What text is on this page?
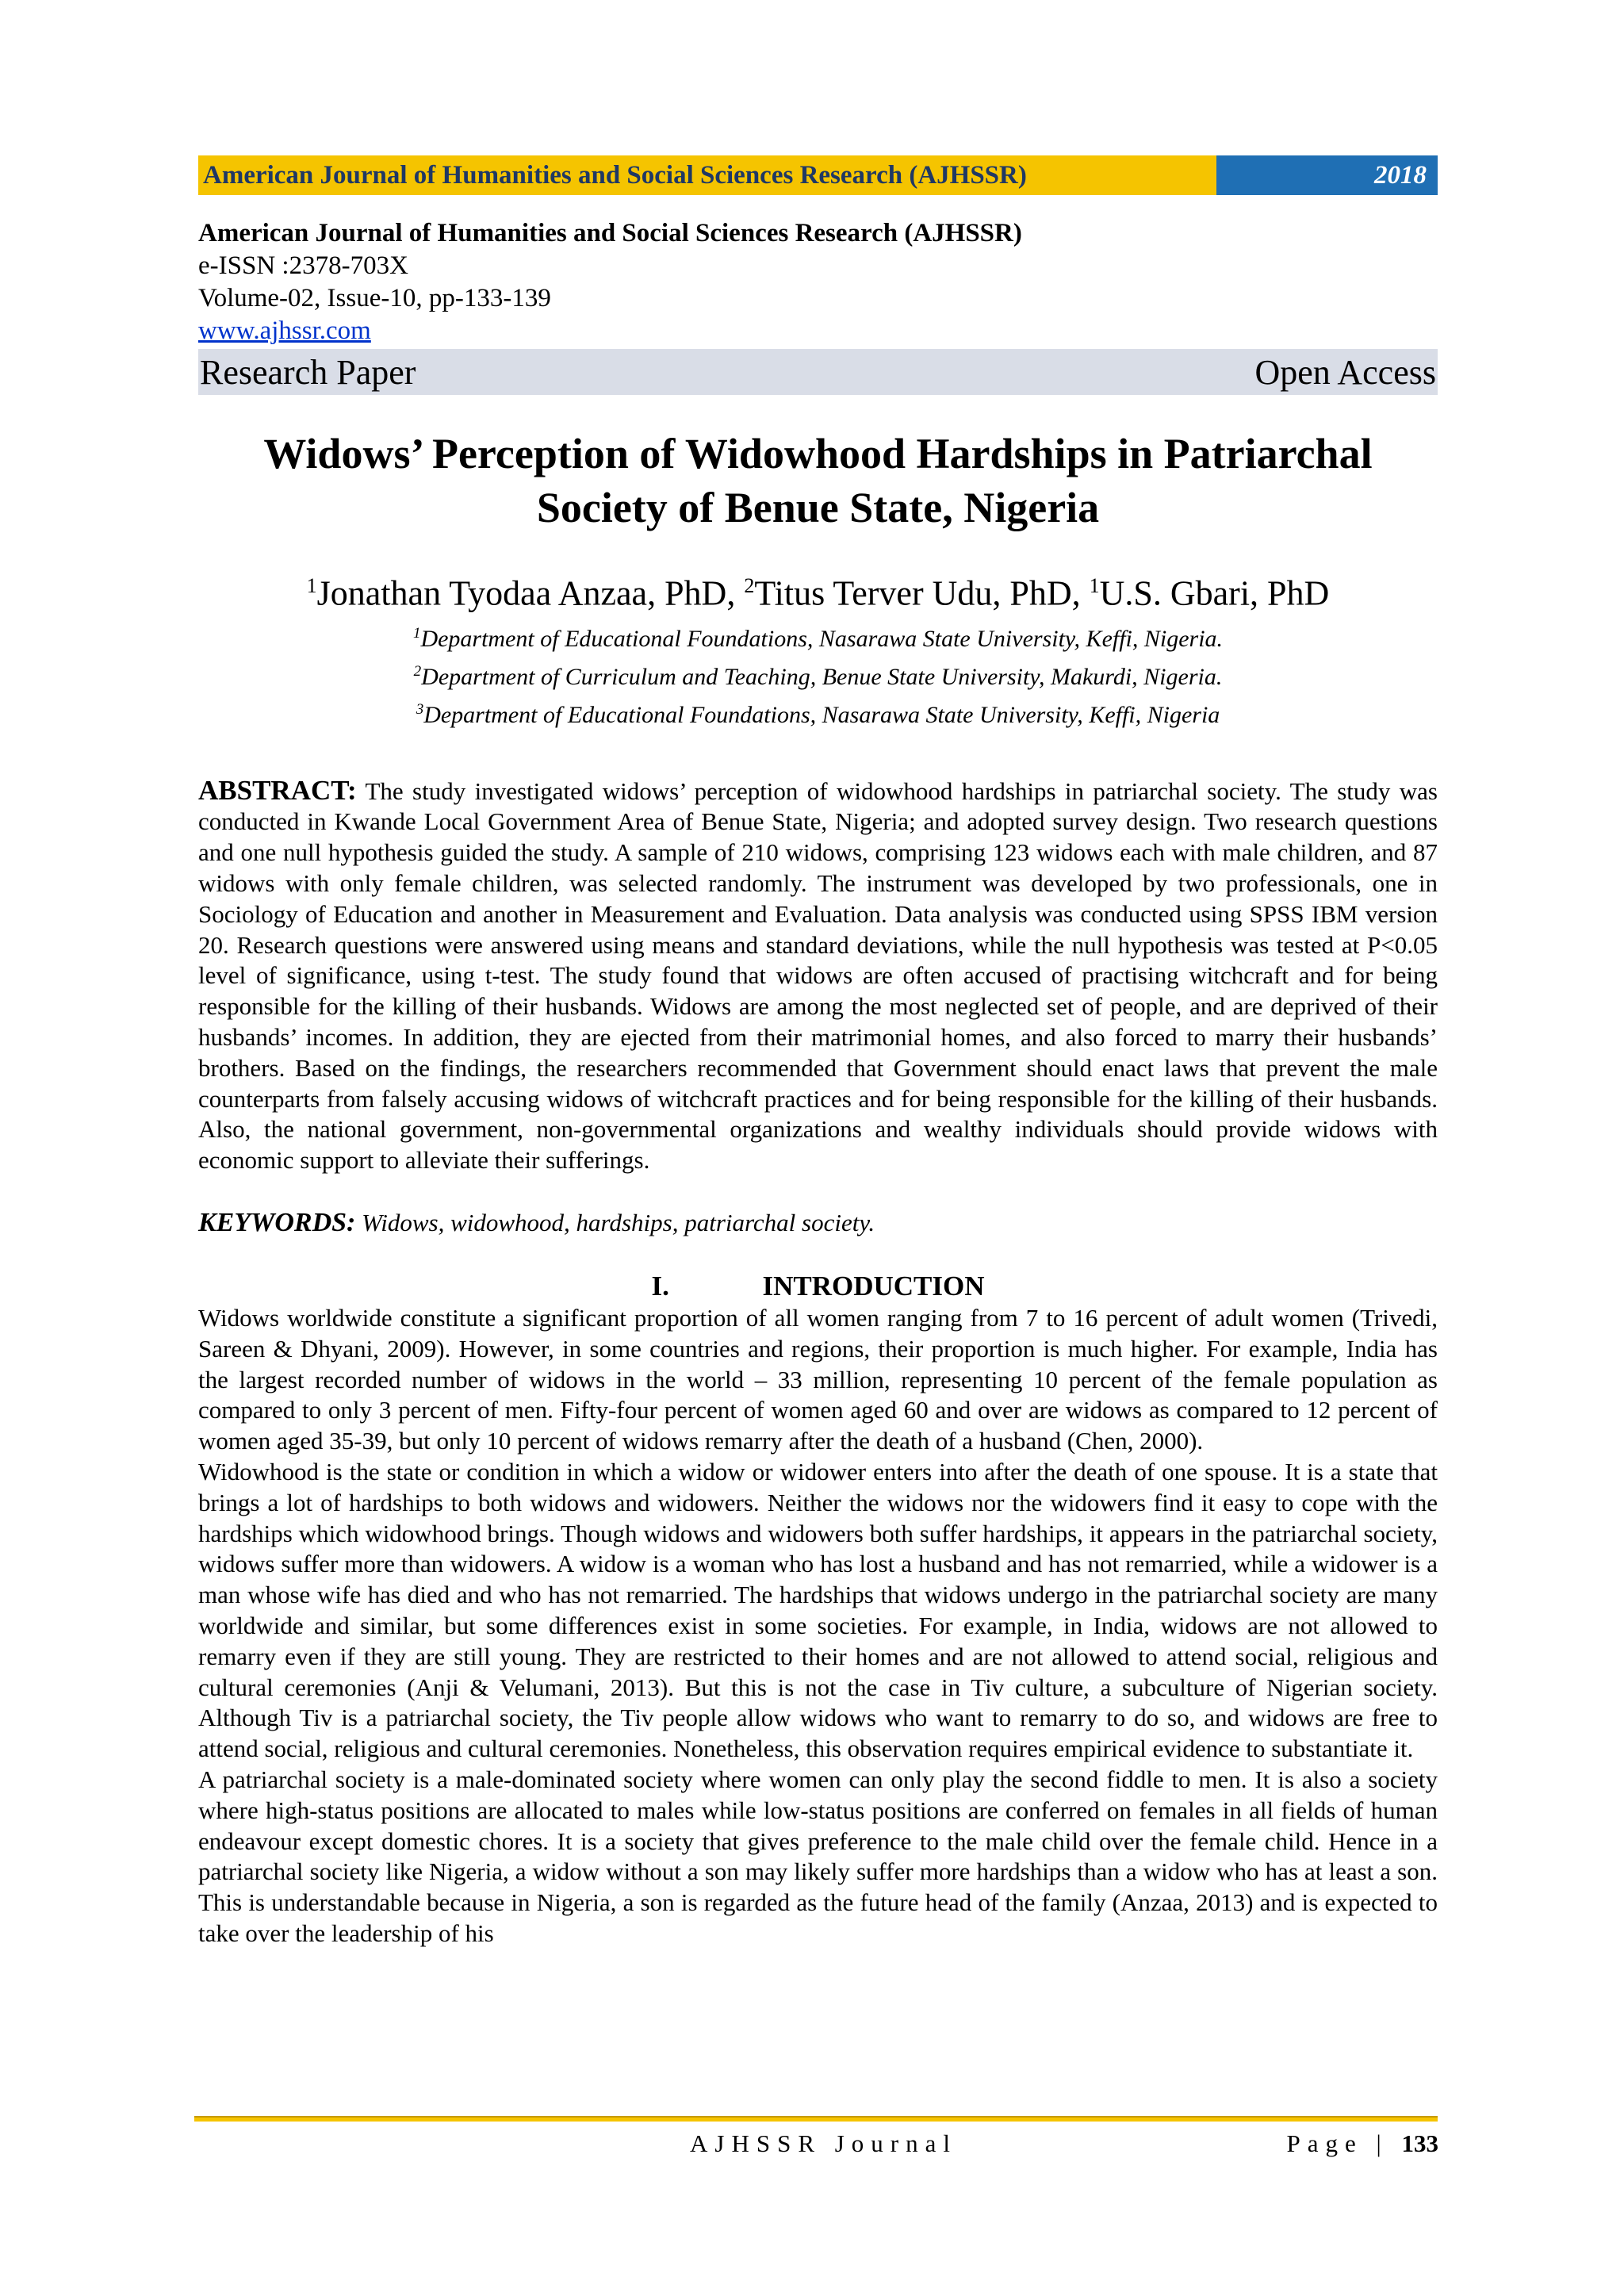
American Journal of Humanities and Social Sciences Research (AJHSSR)	2018
American Journal of Humanities and Social Sciences Research (AJHSSR)
e-ISSN :2378-703X
Volume-02, Issue-10, pp-133-139
www.ajhssr.com
Research Paper	Open Access
Widows’ Perception of Widowhood Hardships in Patriarchal
Society of Benue State, Nigeria
$^1$Jonathan Tyodaa Anzaa, PhD, $^2$Titus Terver Udu, PhD, $^1$U.S. Gbari, PhD
$^1$Department of Educational Foundations, Nasarawa State University, Keffi, Nigeria.
$^2$Department of Curriculum and Teaching, Benue State University, Makurdi, Nigeria.
$^3$Department of Educational Foundations, Nasarawa State University, Keffi, Nigeria
ABSTRACT: The study investigated widows’ perception of widowhood hardships in patriarchal society. The study was conducted in Kwande Local Government Area of Benue State, Nigeria; and adopted survey design. Two research questions and one null hypothesis guided the study. A sample of 210 widows, comprising 123 widows each with male children, and 87 widows with only female children, was selected randomly. The instrument was developed by two professionals, one in Sociology of Education and another in Measurement and Evaluation. Data analysis was conducted using SPSS IBM version 20. Research questions were answered using means and standard deviations, while the null hypothesis was tested at P<0.05 level of significance, using t-test. The study found that widows are often accused of practising witchcraft and for being responsible for the killing of their husbands. Widows are among the most neglected set of people, and are deprived of their husbands’ incomes. In addition, they are ejected from their matrimonial homes, and also forced to marry their husbands’ brothers. Based on the findings, the researchers recommended that Government should enact laws that prevent the male counterparts from falsely accusing widows of witchcraft practices and for being responsible for the killing of their husbands. Also, the national government, non-governmental organizations and wealthy individuals should provide widows with economic support to alleviate their sufferings.
KEYWORDS: Widows, widowhood, hardships, patriarchal society.
I.	INTRODUCTION

Widows worldwide constitute a significant proportion of all women ranging from 7 to 16 percent of adult women (Trivedi, Sareen & Dhyani, 2009). However, in some countries and regions, their proportion is much higher. For example, India has the largest recorded number of widows in the world – 33 million, representing 10 percent of the female population as compared to only 3 percent of men. Fifty-four percent of women aged 60 and over are widows as compared to 12 percent of women aged 35-39, but only 10 percent of widows remarry after the death of a husband (Chen, 2000).

Widowhood is the state or condition in which a widow or widower enters into after the death of one spouse. It is a state that brings a lot of hardships to both widows and widowers. Neither the widows nor the widowers find it easy to cope with the hardships which widowhood brings. Though widows and widowers both suffer hardships, it appears in the patriarchal society, widows suffer more than widowers. A widow is a woman who has lost a husband and has not remarried, while a widower is a man whose wife has died and who has not remarried. The hardships that widows undergo in the patriarchal society are many worldwide and similar, but some differences exist in some societies. For example, in India, widows are not allowed to remarry even if they are still young. They are restricted to their homes and are not allowed to attend social, religious and cultural ceremonies (Anji & Velumani, 2013). But this is not the case in Tiv culture, a subculture of Nigerian society. Although Tiv is a patriarchal society, the Tiv people allow widows who want to remarry to do so, and widows are free to attend social, religious and cultural ceremonies. Nonetheless, this observation requires empirical evidence to substantiate it.

A patriarchal society is a male-dominated society where women can only play the second fiddle to men. It is also a society where high-status positions are allocated to males while low-status positions are conferred on females in all fields of human endeavour except domestic chores. It is a society that gives preference to the male child over the female child. Hence in a patriarchal society like Nigeria, a widow without a son may likely suffer more hardships than a widow who has at least a son. This is understandable because in Nigeria, a son is regarded as the future head of the family (Anzaa, 2013) and is expected to take over the leadership of his

AJHSSR Journal	Page | 133
